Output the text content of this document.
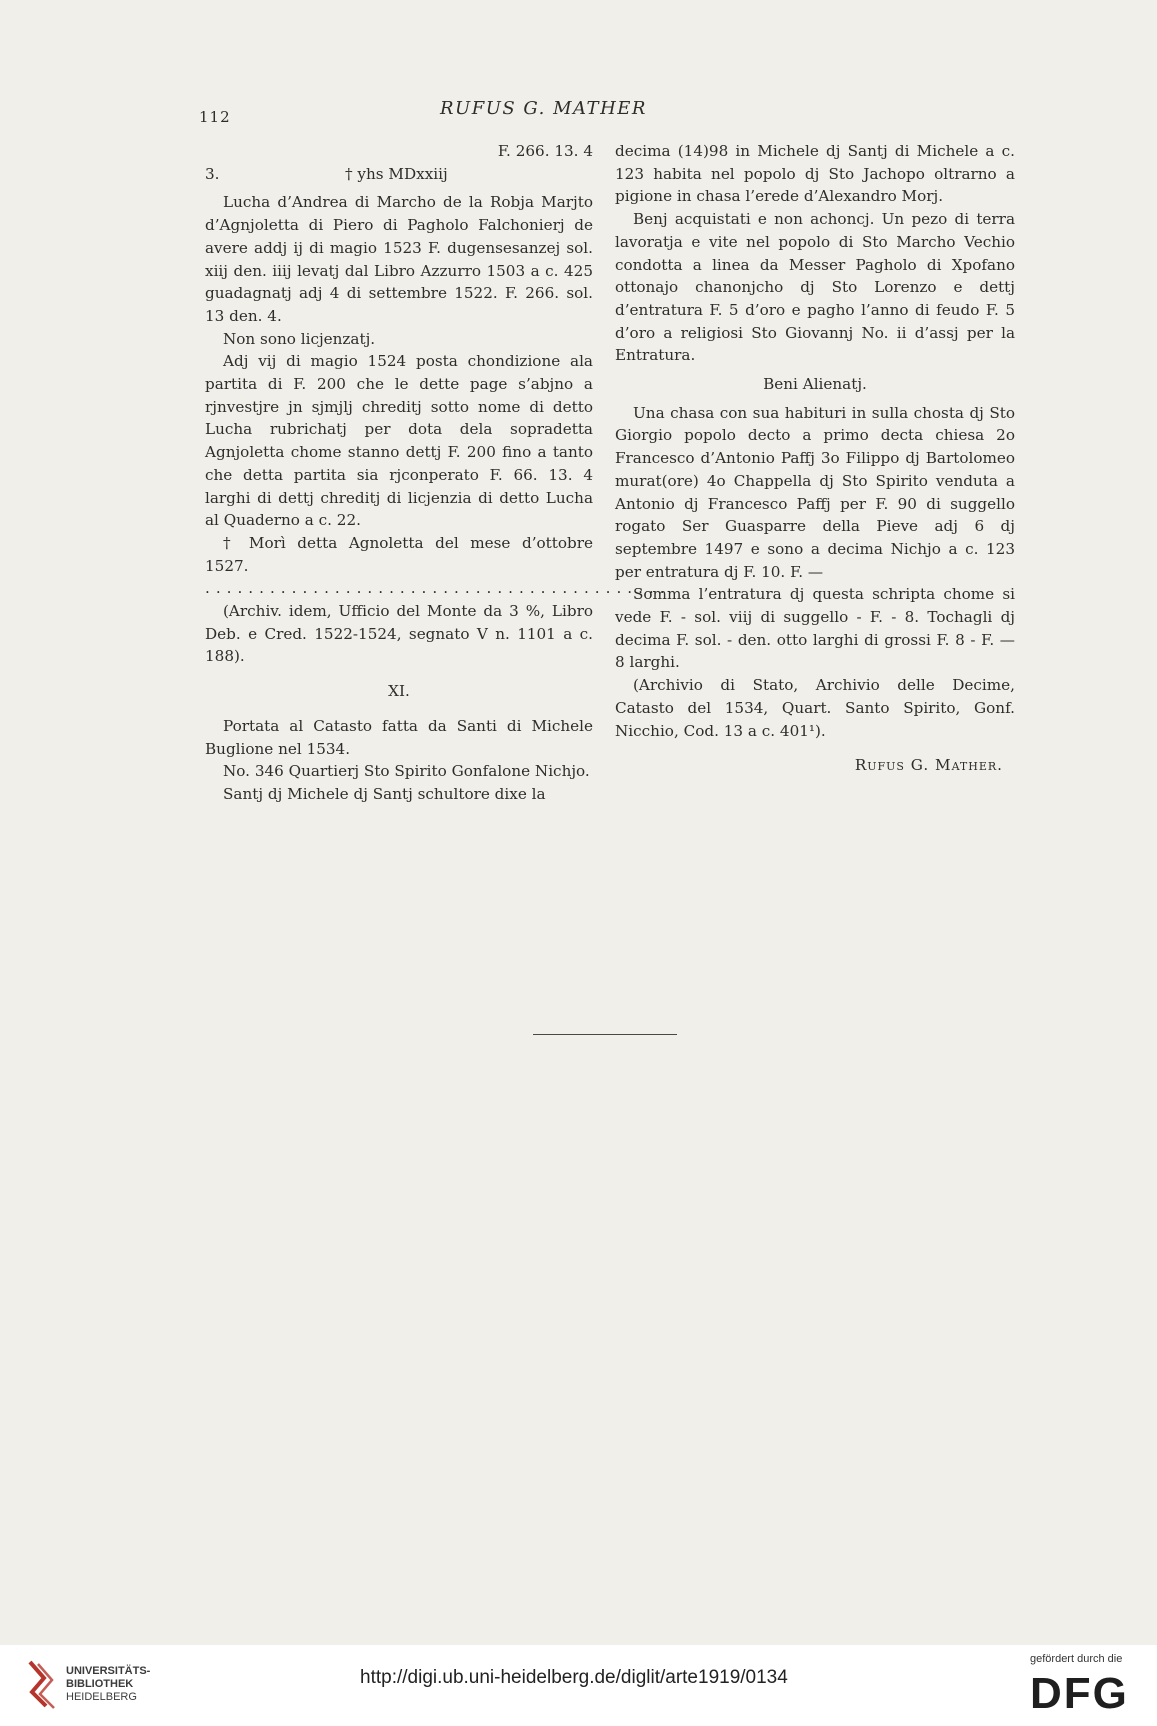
112	RUFUS G. MATHER

F. 266. 13. 4

3.	† yhs MDxxiij

Lucha d’Andrea di Marcho de la Robja Marjto d’Agnjoletta di Piero di Pagholo Falchonierj de avere addj ij di magio 1523 F. dugensesanzej sol. xiij den. iiij levatj dal Libro Azzurro 1503 a c. 425 guadagnatj adj 4 di settembre 1522. F. 266. sol. 13 den. 4.

Non sono licjenzatj.

Adj vij di magio 1524 posta chondizione ala partita di F. 200 che le dette page s’abjno a rjnvestjre jn sjmjlj chreditj sotto nome di detto Lucha rubrichatj per dota dela sopradetta Agnjoletta chome stanno dettj F. 200 fino a tanto che detta partita sia rjconperato F. 66. 13. 4 larghi di dettj chreditj di licjenzia di detto Lucha al Quaderno a c. 22.

† Morì detta Agnoletta del mese d’ottobre 1527.

...........................................

(Archiv. idem, Ufficio del Monte da 3 %, Libro Deb. e Cred. 1522-1524, segnato V n. 1101 a c. 188).

XI.

Portata al Catasto fatta da Santi di Michele Buglione nel 1534.

No. 346 Quartierj Sto Spirito Gonfalone Nichjo.

Santj dj Michele dj Santj schultore dixe la

decima (14)98 in Michele dj Santj di Michele a c. 123 habita nel popolo dj Sto Jachopo oltrarno a pigione in chasa l’erede d’Alexandro Morj.

Benj acquistati e non achoncj. Un pezo di terra lavoratja e vite nel popolo di Sto Marcho Vechio condotta a linea da Messer Pagholo di Xpofano ottonajo chanonjcho dj Sto Lorenzo e dettj d’entratura F. 5 d’oro e pagho l’anno di feudo F. 5 d’oro a religiosi Sto Giovannj No. ii d’assj per la Entratura.

Beni Alienatj.

Una chasa con sua habituri in sulla chosta dj Sto Giorgio popolo decto a primo decta chiesa 2o Francesco d’Antonio Paffj 3o Filippo dj Bartolomeo murat(ore) 4o Chappella dj Sto Spirito venduta a Antonio dj Francesco Paffj per F. 90 di suggello rogato Ser Guasparre della Pieve adj 6 dj septembre 1497 e sono a decima Nichjo a c. 123 per entratura dj F. 10. F. —

Somma l’entratura dj questa schripta chome si vede F. - sol. viij di suggello - F. - 8. Tochagli dj decima F. sol. - den. otto larghi di grossi F. 8 - F. — 8 larghi.

(Archivio di Stato, Archivio delle Decime, Catasto del 1534, Quart. Santo Spirito, Gonf. Nicchio, Cod. 13 a c. 401¹).

Rufus G. Mather.

UNIVERSITÄTS-
BIBLIOTHEK
HEIDELBERG
http://digi.ub.uni-heidelberg.de/diglit/arte1919/0134
gefördert durch die
DFG
